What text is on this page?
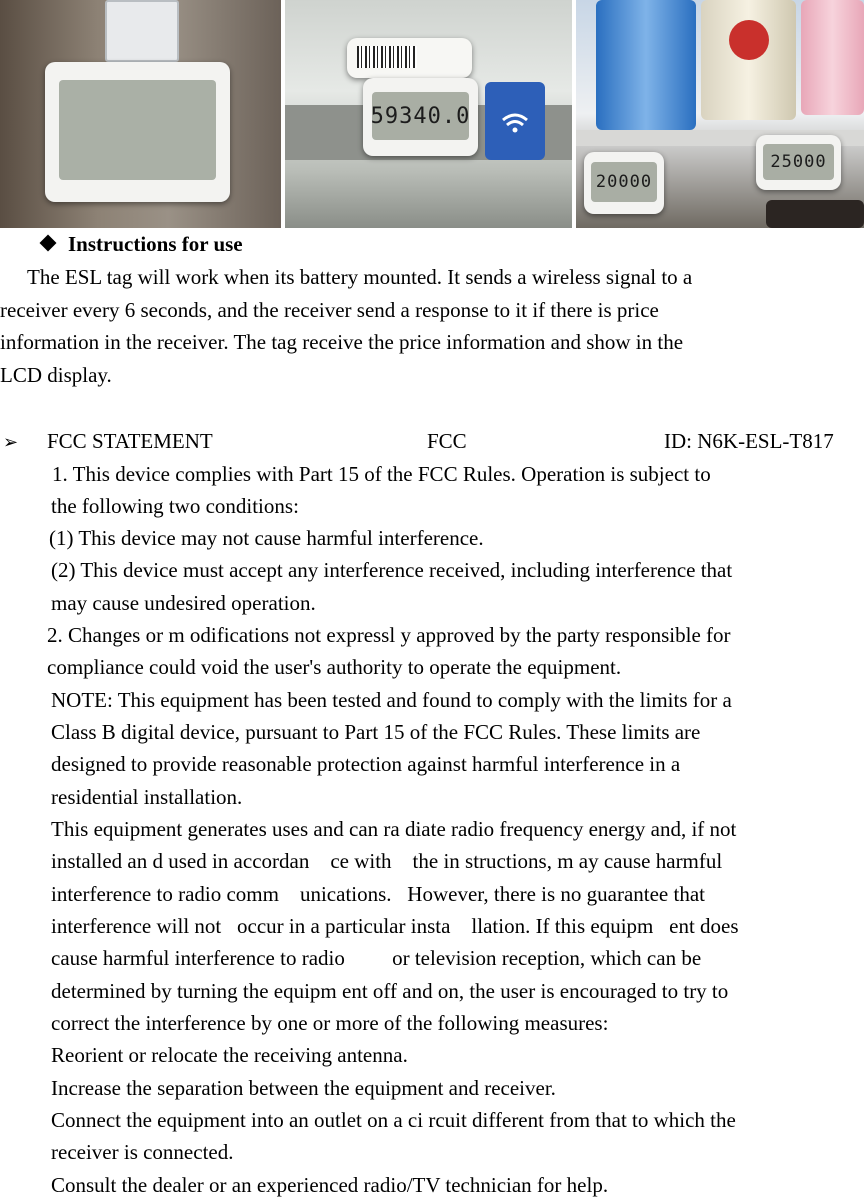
59340.0
20000
25000
Instructions for use
The ESL tag will work when its battery mounted. It sends a wireless signal to a
receiver every 6 seconds, and the receiver send a response to it if there is price
information in the receiver. The tag receive the price information and show in the
LCD display.
➢ FCC STATEMENT	FCC	ID: N6K-ESL-T817
1. This device complies with Part 15 of the FCC Rules. Operation is subject to
the following two conditions:
(1) This device may not cause harmful interference.
(2) This device must accept any interference received, including interference that
may cause undesired operation.
2. Changes or m odifications not expressl y approved by the party responsible for
compliance could void the user's authority to operate the equipment.
NOTE: This equipment has been tested and found to comply with the limits for a
Class B digital device, pursuant to Part 15 of the FCC Rules. These limits are
designed to provide reasonable protection against harmful interference in a
residential installation.
This equipment generates uses and can ra diate radio frequency energy and, if not
installed an d used in accordan    ce with    the in structions, m ay cause harmful
interference to radio comm    unications.   However, there is no guarantee that
interference will not   occur in a particular insta    llation. If this equipm   ent does
cause harmful interference to radio         or television reception, which can be
determined by turning the equipm ent off and on, the user is encouraged to try to
correct the interference by one or more of the following measures:
Reorient or relocate the receiving antenna.
Increase the separation between the equipment and receiver.
Connect the equipment into an outlet on a ci rcuit different from that to which the
receiver is connected.
Consult the dealer or an experienced radio/TV technician for help.
